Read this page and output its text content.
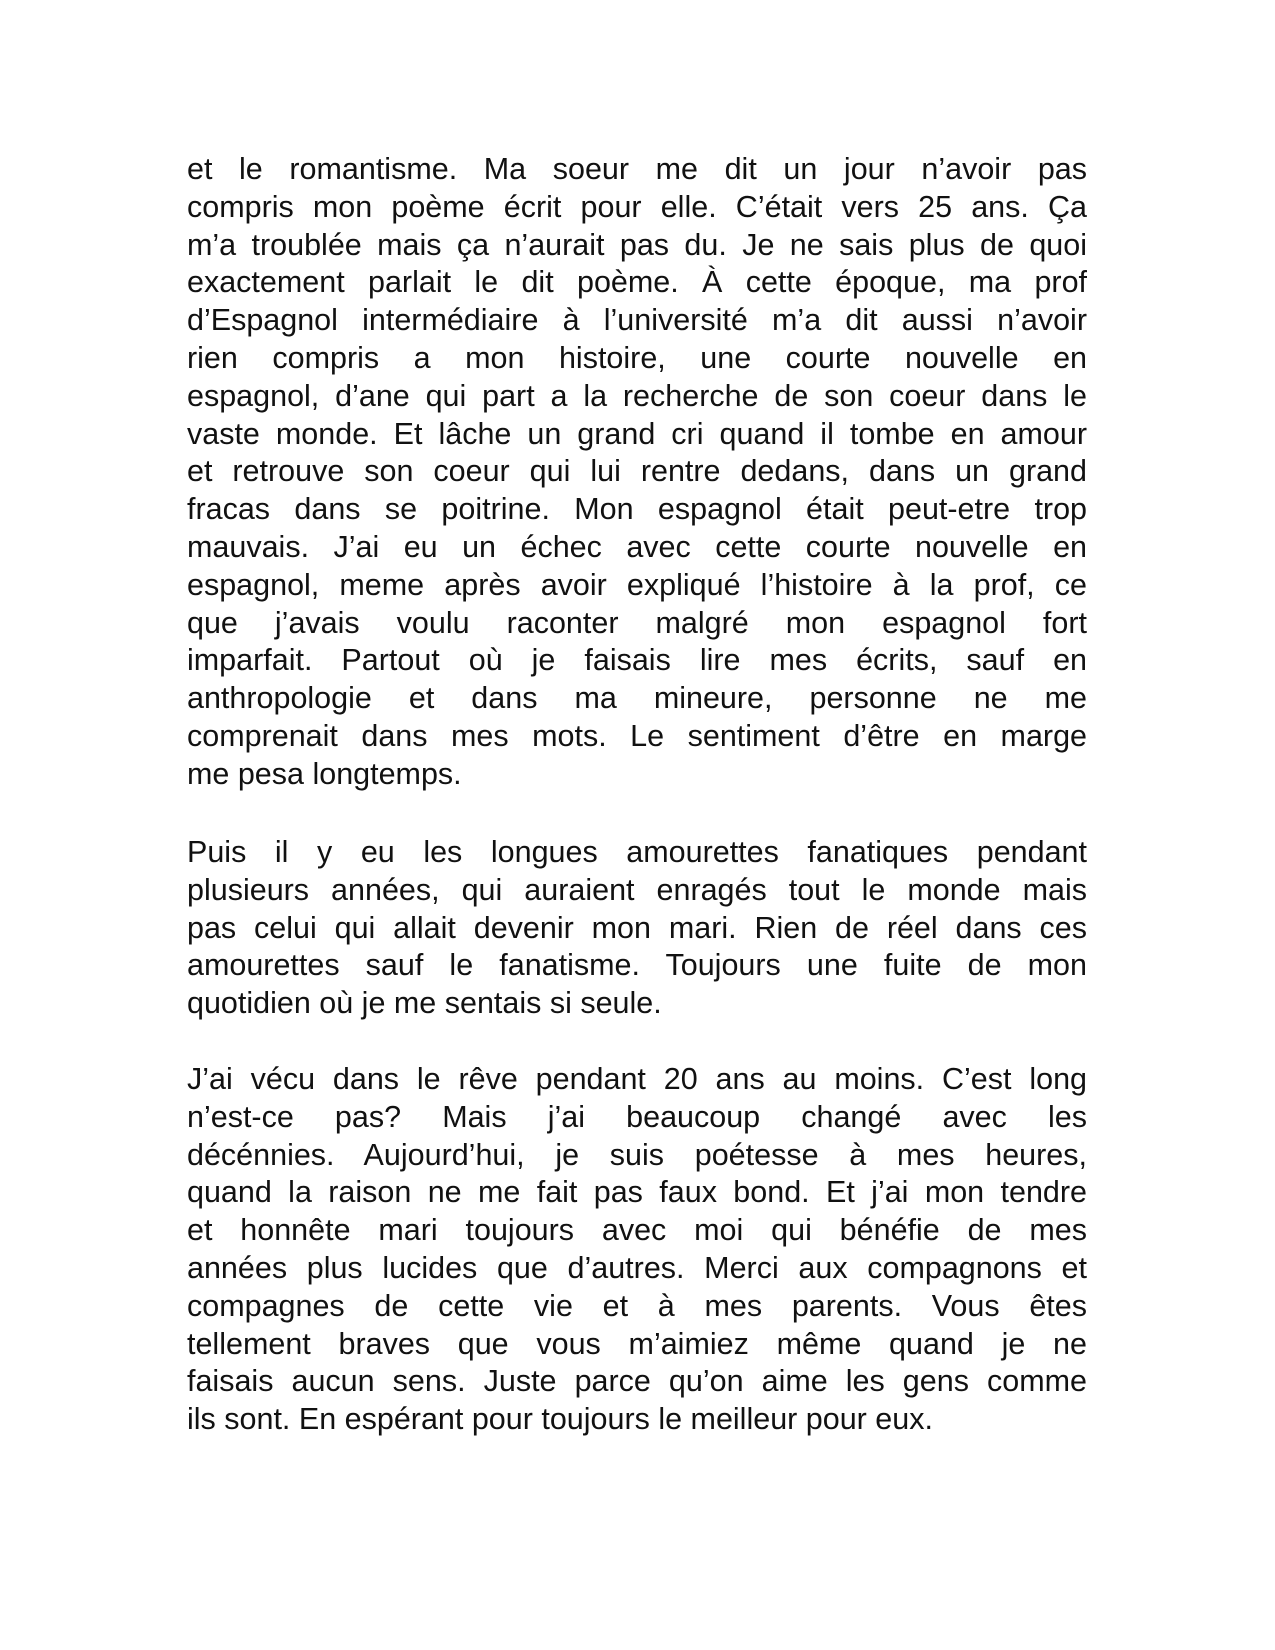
et le romantisme. Ma soeur me dit un jour n’avoir pas
compris mon poème écrit pour elle. C’était vers 25 ans. Ça
m’a troublée mais ça n’aurait pas du. Je ne sais plus de quoi
exactement parlait le dit poème. À cette époque, ma prof
d’Espagnol intermédiaire à l’université m’a dit aussi n’avoir
rien compris a mon histoire, une courte nouvelle en
espagnol, d’ane qui part a la recherche de son coeur dans le
vaste monde. Et lâche un grand cri quand il tombe en amour
et retrouve son coeur qui lui rentre dedans, dans un grand
fracas dans se poitrine. Mon espagnol était peut-etre trop
mauvais. J’ai eu un échec avec cette courte nouvelle en
espagnol, meme après avoir expliqué l’histoire à la prof, ce
que j’avais voulu raconter malgré mon espagnol fort
imparfait. Partout où je faisais lire mes écrits, sauf en
anthropologie et dans ma mineure, personne ne me
comprenait dans mes mots. Le sentiment d’être en marge
me pesa longtemps.
Puis il y eu les longues amourettes fanatiques pendant
plusieurs années, qui auraient enragés tout le monde mais
pas celui qui allait devenir mon mari. Rien de réel dans ces
amourettes sauf le fanatisme. Toujours une fuite de mon
quotidien où je me sentais si seule.
J’ai vécu dans le rêve pendant 20 ans au moins. C’est long
n’est-ce pas? Mais j’ai beaucoup changé avec les
décénnies. Aujourd’hui, je suis poétesse à mes heures,
quand la raison ne me fait pas faux bond. Et j’ai mon tendre
et honnête mari toujours avec moi qui bénéfie de mes
années plus lucides que d’autres. Merci aux compagnons et
compagnes de cette vie et à mes parents. Vous êtes
tellement braves que vous m’aimiez même quand je ne
faisais aucun sens. Juste parce qu’on aime les gens comme
ils sont. En espérant pour toujours le meilleur pour eux.
